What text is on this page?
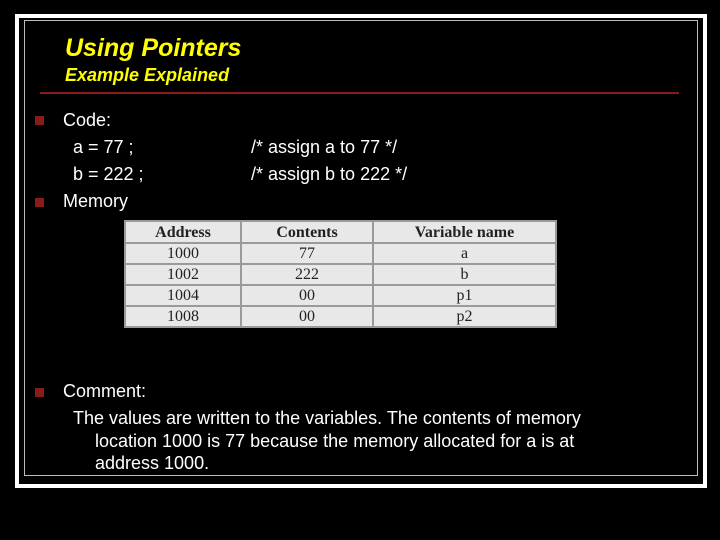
Using Pointers
Example Explained
Code:
a = 77 ;	/* assign a to 77 */
b = 222 ;	/* assign b to 222 */
Memory
Address	Contents	Variable name
1000	77	a
1002	222	b
1004	00	p1
1008	00	p2
Comment:
The values are written to the variables. The contents of memory
location 1000 is 77 because the memory allocated for a is at
address 1000.
